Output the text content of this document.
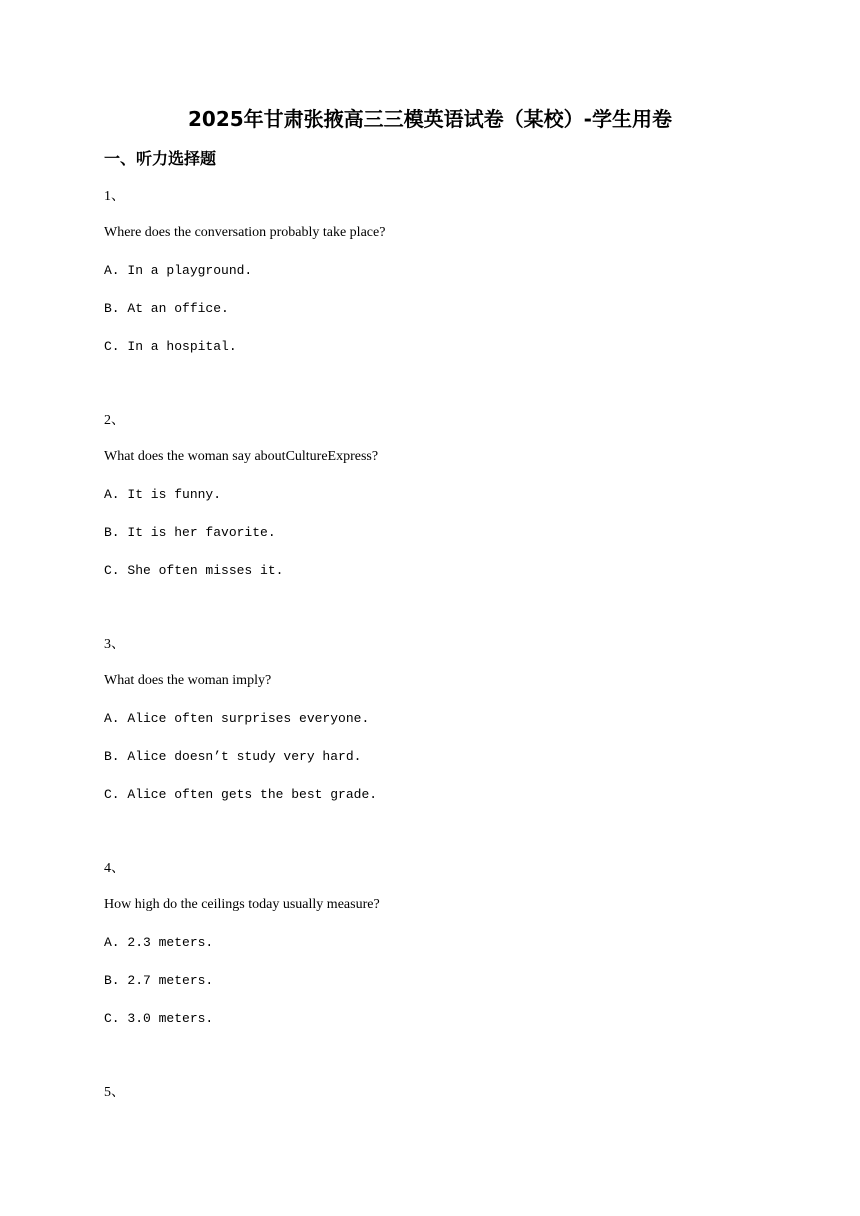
2025年甘肃张掖高三三模英语试卷（某校）-学生用卷
一、听力选择题
1、
Where does the conversation probably take place?
A. In a playground.
B. At an office.
C. In a hospital.
2、
What does the woman say aboutCultureExpress?
A. It is funny.
B. It is her favorite.
C. She often misses it.
3、
What does the woman imply?
A. Alice often surprises everyone.
B. Alice doesn’t study very hard.
C. Alice often gets the best grade.
4、
How high do the ceilings today usually measure?
A. 2.3 meters.
B. 2.7 meters.
C. 3.0 meters.
5、
